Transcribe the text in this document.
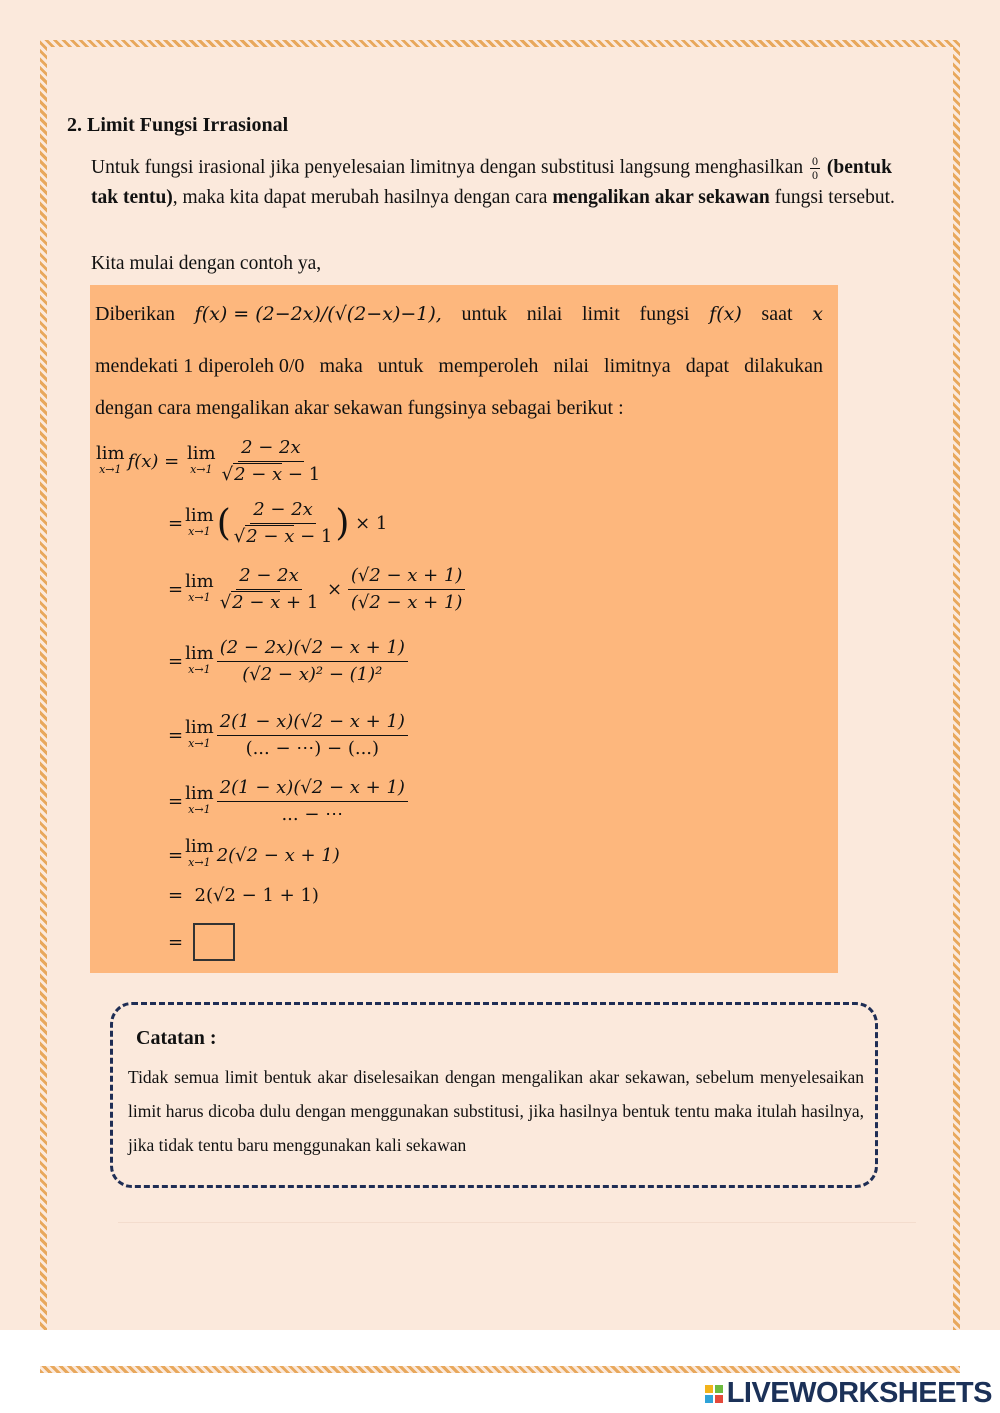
2. Limit Fungsi Irrasional
Untuk fungsi irasional jika penyelesaian limitnya dengan substitusi langsung menghasilkan $\frac{0}{0}$ (bentuk tak tentu), maka kita dapat merubah hasilnya dengan cara mengalikan akar sekawan fungsi tersebut.
Kita mulai dengan contoh ya,
Diberikan f(x) = (2−2x)/(√(2−x)−1), untuk nilai limit fungsi f(x) saat x
mendekati 1 diperoleh 0/0 maka untuk memperoleh nilai limitnya dapat dilakukan
dengan cara mengalikan akar sekawan fungsinya sebagai berikut :
lim
x→1 f(x) = lim
x→1
2 − 2x
√2 − x − 1
= lim
x→1 ( 2 − 2x
√2 − x − 1 )
× 1
= lim
x→1
2 − 2x
√2 − x + 1
×
(√2 − x + 1)
(√2 − x + 1)
= lim
x→1
(2 − 2x)(√2 − x + 1)
(√2 − x)² − (1)²
= lim
x→1
2(1 − x)(√2 − x + 1)
(... − ⋯) − (...)
= lim
x→1
2(1 − x)(√2 − x + 1)
... − ⋯
= lim
x→1 2(√2 − x + 1)
=
2(√2 − 1 + 1)
=
Catatan :
Tidak semua limit bentuk akar diselesaikan dengan mengalikan akar sekawan, sebelum menyelesaikan limit harus dicoba dulu dengan menggunakan substitusi, jika hasilnya bentuk tentu maka itulah hasilnya, jika tidak tentu baru menggunakan kali sekawan
LIVEWORKSHEETS
